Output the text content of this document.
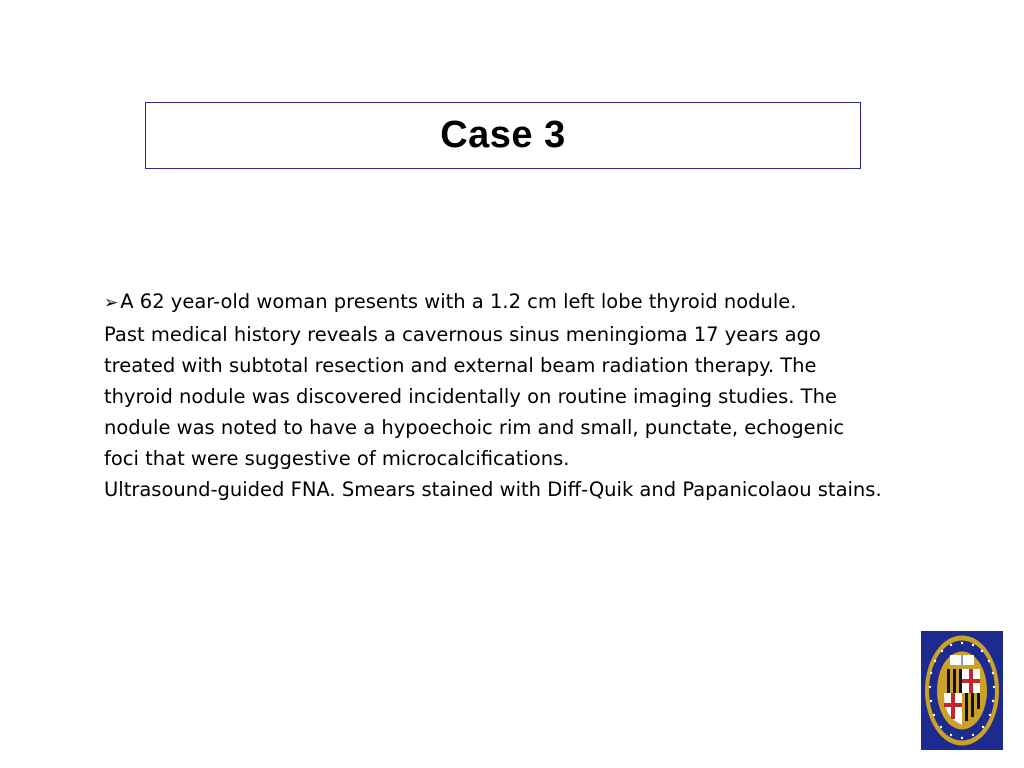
Case 3
➢ A 62 year-old woman presents with a 1.2 cm left lobe thyroid nodule.
Past medical history reveals a cavernous sinus meningioma 17 years ago
treated with subtotal resection and external beam radiation therapy. The
thyroid nodule was discovered incidentally on routine imaging studies. The
nodule was noted to have a hypoechoic rim and small, punctate, echogenic
foci that were suggestive of microcalcifications.
Ultrasound-guided FNA. Smears stained with Diff-Quik and Papanicolaou stains.
